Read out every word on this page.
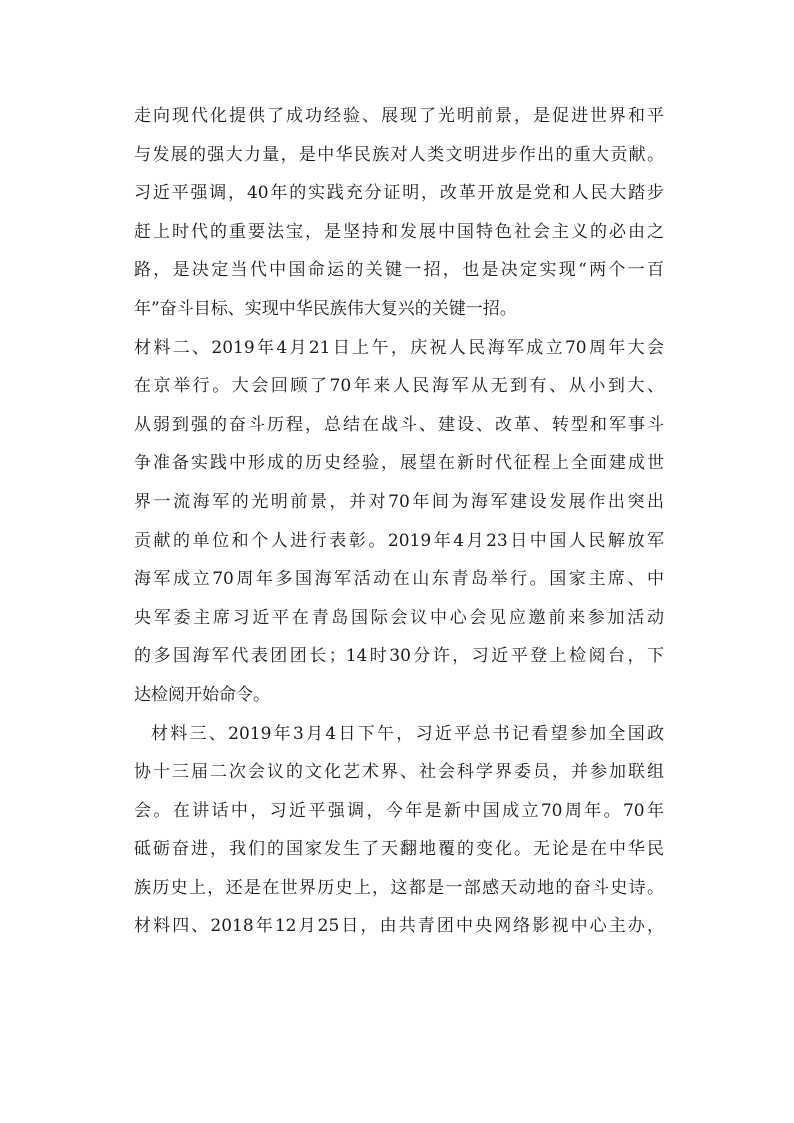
走向现代化提供了成功经验、展现了光明前景，是促进世界和平
与发展的强大力量，是中华民族对人类文明进步作出的重大贡献。
习近平强调，40年的实践充分证明，改革开放是党和人民大踏步
赶上时代的重要法宝，是坚持和发展中国特色社会主义的必由之
路，是决定当代中国命运的关键一招，也是决定实现“两个一百
年”奋斗目标、实现中华民族伟大复兴的关键一招。
材料二、2019年4月21日上午，庆祝人民海军成立70周年大会
在京举行。大会回顾了70年来人民海军从无到有、从小到大、
从弱到强的奋斗历程，总结在战斗、建设、改革、转型和军事斗
争准备实践中形成的历史经验，展望在新时代征程上全面建成世
界一流海军的光明前景，并对70年间为海军建设发展作出突出
贡献的单位和个人进行表彰。2019年4月23日中国人民解放军
海军成立70周年多国海军活动在山东青岛举行。国家主席、中
央军委主席习近平在青岛国际会议中心会见应邀前来参加活动
的多国海军代表团团长；14时30分许，习近平登上检阅台，下
达检阅开始命令。
材料三、2019年3月4日下午，习近平总书记看望参加全国政
协十三届二次会议的文化艺术界、社会科学界委员，并参加联组
会。在讲话中，习近平强调，今年是新中国成立70周年。70年
砥砺奋进，我们的国家发生了天翻地覆的变化。无论是在中华民
族历史上，还是在世界历史上，这都是一部感天动地的奋斗史诗。
材料四、2018年12月25日，由共青团中央网络影视中心主办，
